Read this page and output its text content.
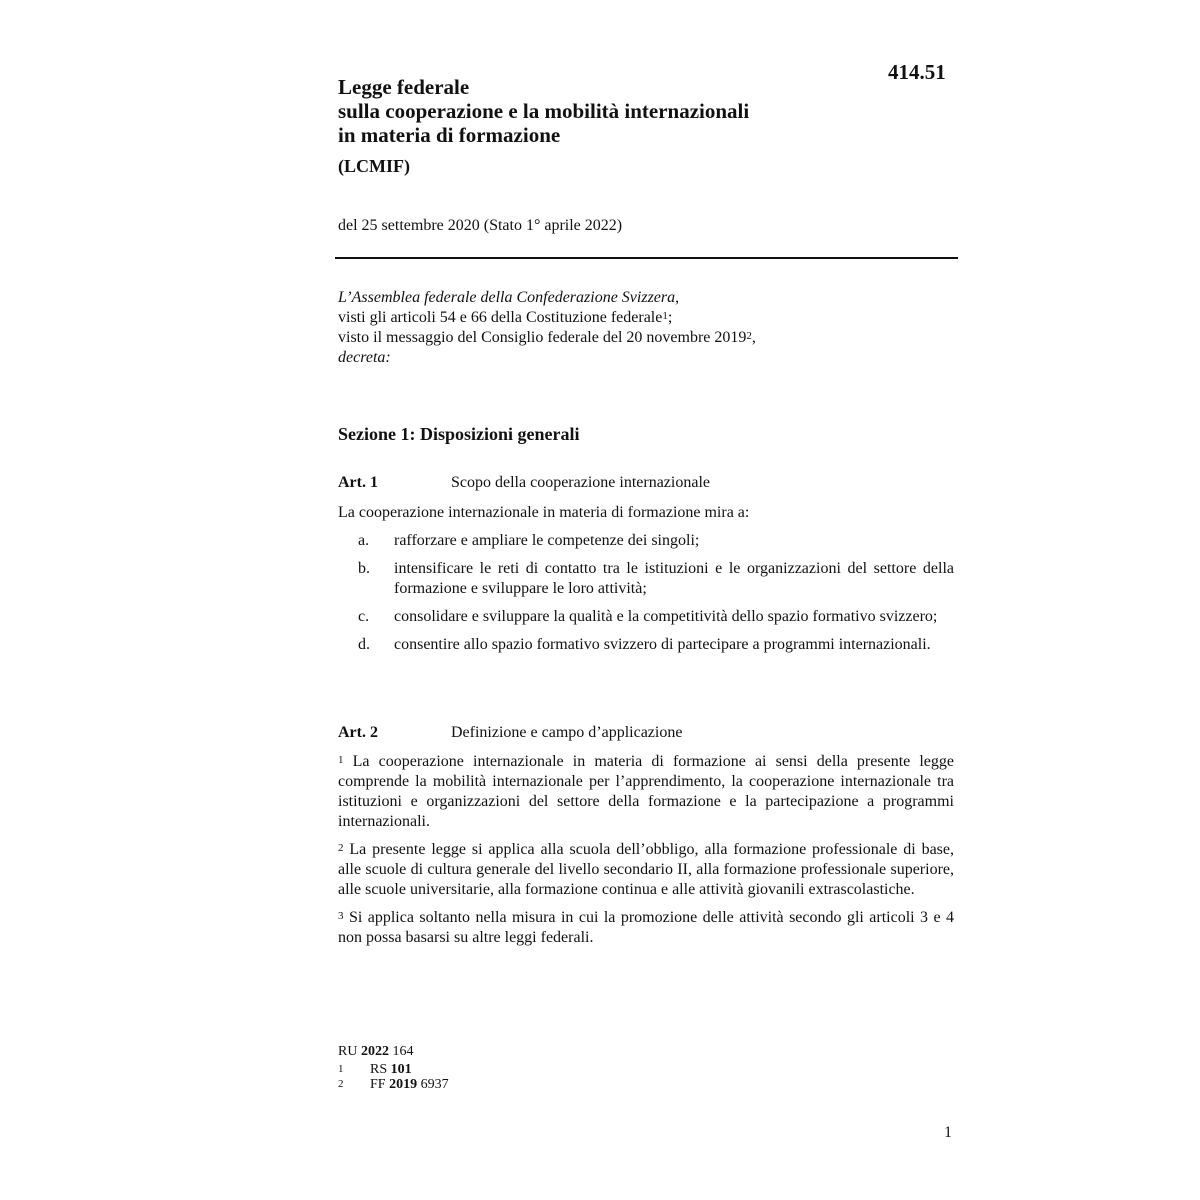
414.51
Legge federale
sulla cooperazione e la mobilità internazionali
in materia di formazione
(LCMIF)
del 25 settembre 2020 (Stato 1° aprile 2022)
L’Assemblea federale della Confederazione Svizzera,
visti gli articoli 54 e 66 della Costituzione federale$^1$;
visto il messaggio del Consiglio federale del 20 novembre 2019$^2$,
decreta:
Sezione 1: Disposizioni generali
Art. 1	Scopo della cooperazione internazionale
La cooperazione internazionale in materia di formazione mira a:
a. rafforzare e ampliare le competenze dei singoli;
b. intensificare le reti di contatto tra le istituzioni e le organizzazioni del settore della formazione e sviluppare le loro attività;
c. consolidare e sviluppare la qualità e la competitività dello spazio formativo svizzero;
d. consentire allo spazio formativo svizzero di partecipare a programmi internazionali.
Art. 2	Definizione e campo d’applicazione

$^1$ La cooperazione internazionale in materia di formazione ai sensi della presente legge comprende la mobilità internazionale per l’apprendimento, la cooperazione internazionale tra istituzioni e organizzazioni del settore della formazione e la partecipazione a programmi internazionali.

$^2$ La presente legge si applica alla scuola dell’obbligo, alla formazione professionale di base, alle scuole di cultura generale del livello secondario II, alla formazione professionale superiore, alle scuole universitarie, alla formazione continua e alle attività giovanili extrascolastiche.

$^3$ Si applica soltanto nella misura in cui la promozione delle attività secondo gli articoli 3 e 4 non possa basarsi su altre leggi federali.

RU 2022 164
1 RS 101
2 FF 2019 6937
1
